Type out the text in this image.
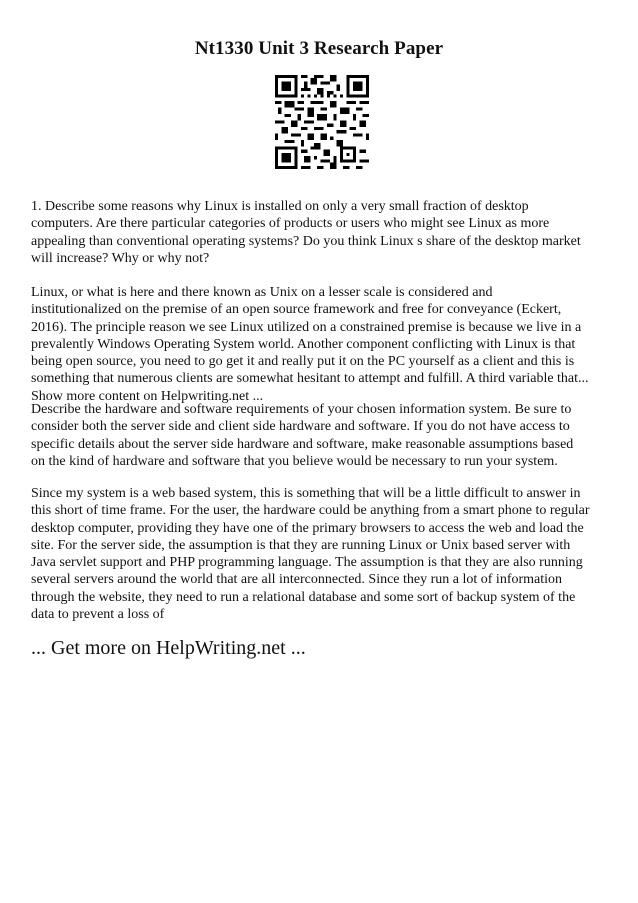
Nt1330 Unit 3 Research Paper
1. Describe some reasons why Linux is installed on only a very small fraction of desktop
computers. Are there particular categories of products or users who might see Linux as more
appealing than conventional operating systems? Do you think Linux s share of the desktop market
will increase? Why or why not?
Linux, or what is here and there known as Unix on a lesser scale is considered and
institutionalized on the premise of an open source framework and free for conveyance (Eckert,
2016). The principle reason we see Linux utilized on a constrained premise is because we live in a
prevalently Windows Operating System world. Another component conflicting with Linux is that
being open source, you need to go get it and really put it on the PC yourself as a client and this is
something that numerous clients are somewhat hesitant to attempt and fulfill. A third variable that...
Show more content on Helpwriting.net ...
Describe the hardware and software requirements of your chosen information system. Be sure to
consider both the server side and client side hardware and software. If you do not have access to
specific details about the server side hardware and software, make reasonable assumptions based
on the kind of hardware and software that you believe would be necessary to run your system.
Since my system is a web based system, this is something that will be a little difficult to answer in
this short of time frame. For the user, the hardware could be anything from a smart phone to regular
desktop computer, providing they have one of the primary browsers to access the web and load the
site. For the server side, the assumption is that they are running Linux or Unix based server with
Java servlet support and PHP programming language. The assumption is that they are also running
several servers around the world that are all interconnected. Since they run a lot of information
through the website, they need to run a relational database and some sort of backup system of the
data to prevent a loss of
... Get more on HelpWriting.net ...
